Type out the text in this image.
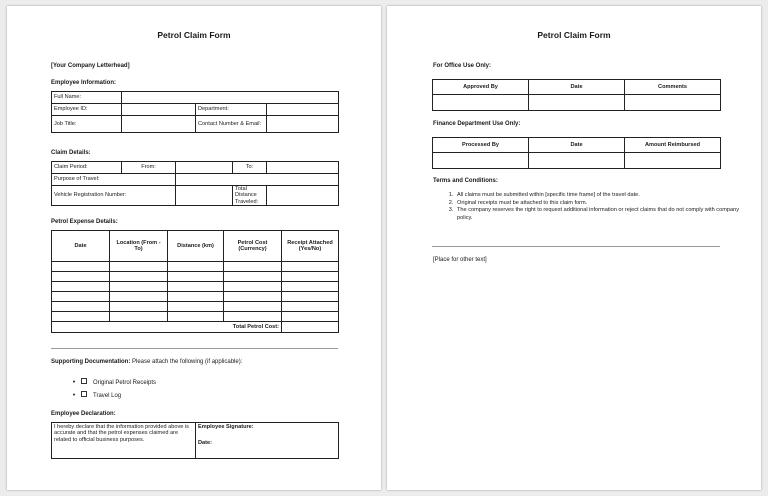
Petrol Claim Form
[Your Company Letterhead]
Employee Information:
Full Name:			
Employee ID:		Department:	
Job Title:		Contact Number & Email:	
Claim Details:
Claim Period:	From:		To:	
Purpose of Travel:				
Vehicle Registration Number:			Total Distance Traveled:	
Petrol Expense Details:
Date	Location (From - To)	Distance (km)	Petrol Cost (Currency)	Receipt Attached (Yes/No)

Total Petrol Cost:				
Supporting Documentation: Please attach the following (if applicable):
•	Original Petrol Receipts
•	Travel Log
Employee Declaration:
I hereby declare that the information provided above is accurate and that the petrol expenses claimed are related to official business purposes.	
Employee Signature:
Date:
Petrol Claim Form
For Office Use Only:
Approved By	Date	Comments

Finance Department Use Only:
Processed By	Date	Amount Reimbursed

Terms and Conditions:
1. All claims must be submitted within [specific time frame] of the travel date.
2. Original receipts must be attached to this claim form.
3. The company reserves the right to request additional information or reject claims that do not comply with company policy.
[Place for other text]
